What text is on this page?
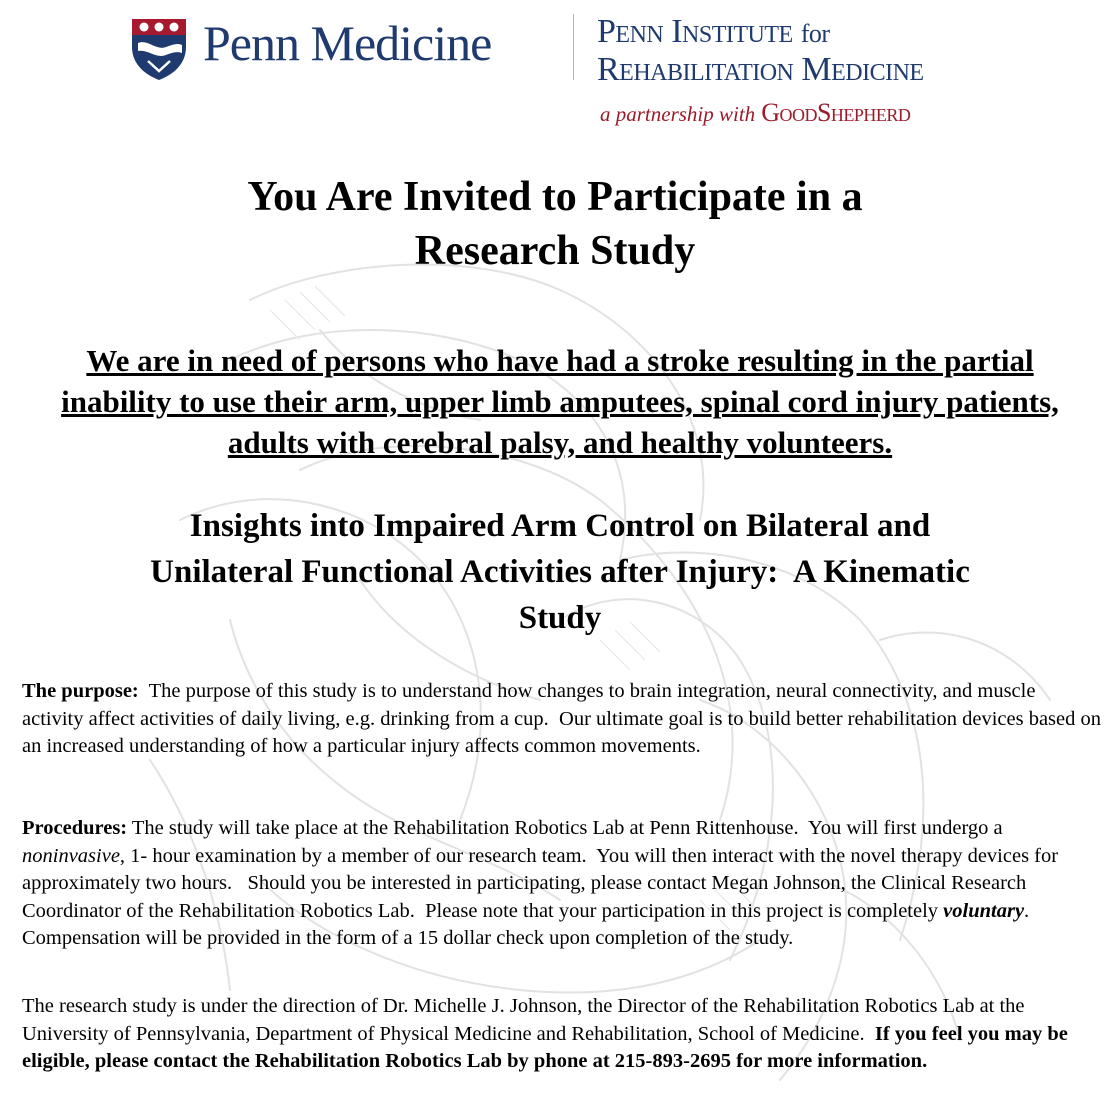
Penn Medicine	Penn Institute for
Rehabilitation Medicine
a partnership with GoodShepherd
You Are Invited to Participate in a
Research Study
We are in need of persons who have had a stroke resulting in the partial inability to use their arm, upper limb amputees, spinal cord injury patients, adults with cerebral palsy, and healthy volunteers.
Insights into Impaired Arm Control on Bilateral and
Unilateral Functional Activities after Injury:  A Kinematic
Study
The purpose:  The purpose of this study is to understand how changes to brain integration, neural connectivity, and muscle activity affect activities of daily living, e.g. drinking from a cup.  Our ultimate goal is to build better rehabilitation devices based on an increased understanding of how a particular injury affects common movements.
Procedures: The study will take place at the Rehabilitation Robotics Lab at Penn Rittenhouse.  You will first undergo a noninvasive, 1- hour examination by a member of our research team.  You will then interact with the novel therapy devices for approximately two hours.   Should you be interested in participating, please contact Megan Johnson, the Clinical Research Coordinator of the Rehabilitation Robotics Lab.  Please note that your participation in this project is completely voluntary.  Compensation will be provided in the form of a 15 dollar check upon completion of the study.
The research study is under the direction of Dr. Michelle J. Johnson, the Director of the Rehabilitation Robotics Lab at the University of Pennsylvania, Department of Physical Medicine and Rehabilitation, School of Medicine.  If you feel you may be eligible, please contact the Rehabilitation Robotics Lab by phone at 215-893-2695 for more information.
